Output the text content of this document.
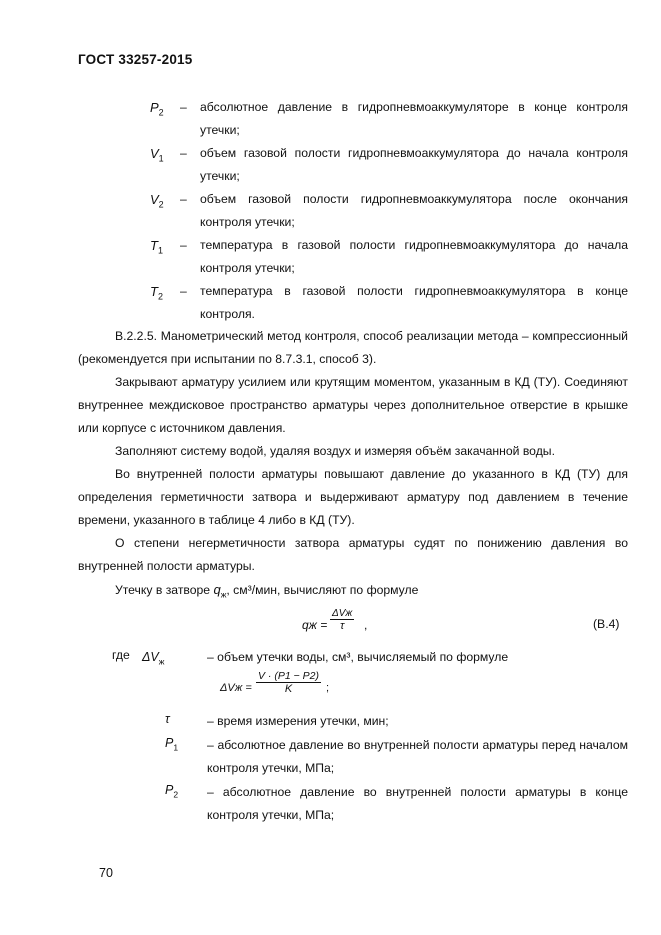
ГОСТ 33257-2015
$P_2$ – абсолютное давление в гидропневмоаккумуляторе в конце контроля утечки;
$V_1$ – объем газовой полости гидропневмоаккумулятора до начала контроля утечки;
$V_2$ – объем газовой полости гидропневмоаккумулятора после окончания контроля утечки;
$T_1$ – температура в газовой полости гидропневмоаккумулятора до начала контроля утечки;
$T_2$ – температура в газовой полости гидропневмоаккумулятора в конце контроля.
В.2.2.5. Манометрический метод контроля, способ реализации метода – компрессионный (рекомендуется при испытании по 8.7.3.1, способ 3).
Закрывают арматуру усилием или крутящим моментом, указанным в КД (ТУ). Соединяют внутреннее междисковое пространство арматуры через дополнительное отверстие в крышке или корпусе с источником давления.
Заполняют систему водой, удаляя воздух и измеряя объём закачанной воды.
Во внутренней полости арматуры повышают давление до указанного в КД (ТУ) для определения герметичности затвора и выдерживают арматуру под давлением в течение времени, указанного в таблице 4 либо в КД (ТУ).
О степени негерметичности затвора арматуры судят по понижению давления во внутренней полости арматуры.
Утечку в затворе $q_ж$, см³/мин, вычисляют по формуле
qж =
ΔVж
τ	,	(В.4)
где $\Delta V_ж$	– объем утечки воды, см³, вычисляемый по формуле
$\Delta Vж = \frac{V \cdot (P1 - P2)}{K}$ ;
τ	– время измерения утечки, мин;
$P_1$ – абсолютное давление во внутренней полости арматуры перед началом контроля утечки, МПа;
$P_2$ – абсолютное давление во внутренней полости арматуры в конце контроля утечки, МПа;
70
